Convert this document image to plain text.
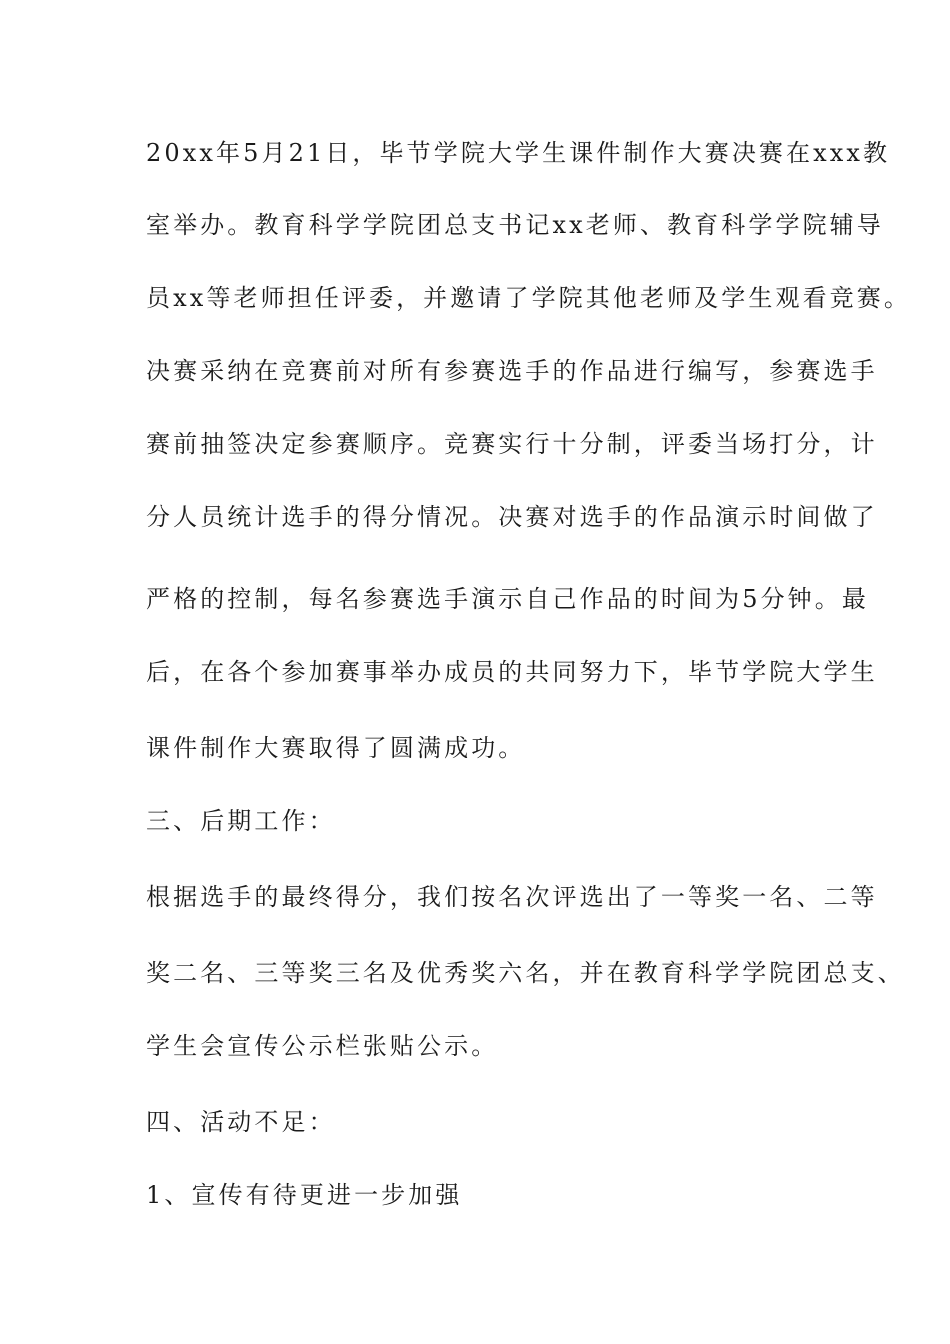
20xx年5月21日，毕节学院大学生课件制作大赛决赛在xxx教
室举办。教育科学学院团总支书记xx老师、教育科学学院辅导
员xx等老师担任评委，并邀请了学院其他老师及学生观看竞赛。
决赛采纳在竞赛前对所有参赛选手的作品进行编写，参赛选手
赛前抽签决定参赛顺序。竞赛实行十分制，评委当场打分，计
分人员统计选手的得分情况。决赛对选手的作品演示时间做了
严格的控制，每名参赛选手演示自己作品的时间为5分钟。最
后，在各个参加赛事举办成员的共同努力下，毕节学院大学生
课件制作大赛取得了圆满成功。
三、后期工作：
根据选手的最终得分，我们按名次评选出了一等奖一名、二等
奖二名、三等奖三名及优秀奖六名，并在教育科学学院团总支、
学生会宣传公示栏张贴公示。
四、活动不足：
1、宣传有待更进一步加强
